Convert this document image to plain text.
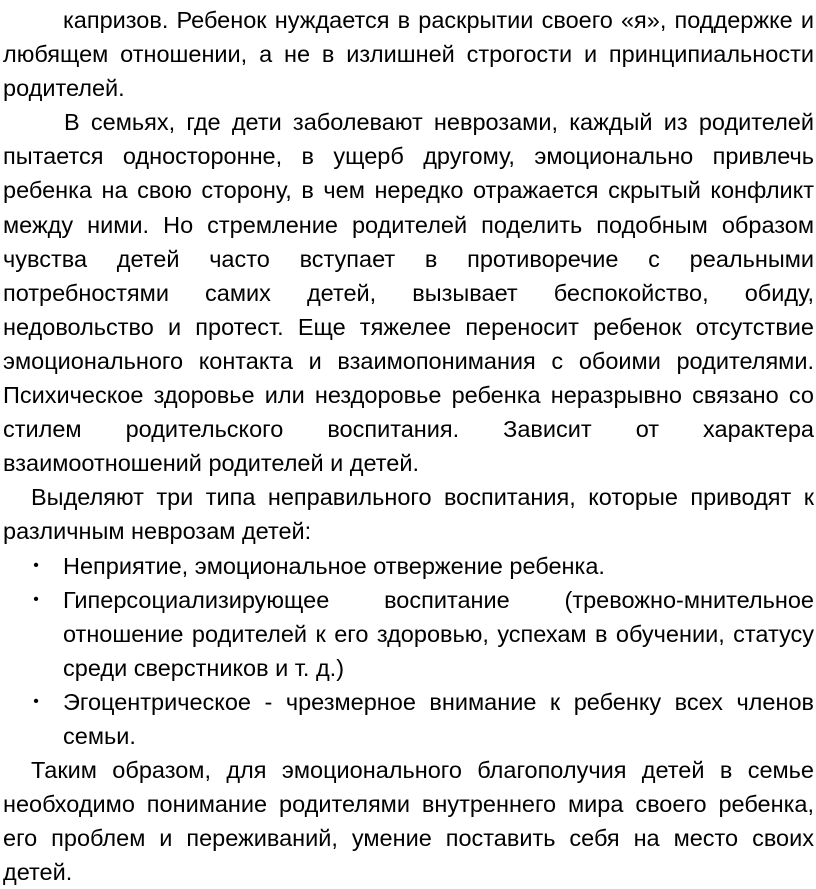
капризов. Ребенок нуждается в раскрытии своего «я», поддержке и любящем отношении, а не в излишней строгости и принципиальности родителей.

В семьях, где дети заболевают неврозами, каждый из родителей пытается односторонне, в ущерб другому, эмоционально привлечь ребенка на свою сторону, в чем нередко отражается скрытый конфликт между ними. Но стремление родителей поделить подобным образом чувства детей часто вступает в противоречие с реальными потребностями самих детей, вызывает беспокойство, обиду, недовольство и протест. Еще тяжелее переносит ребенок отсутствие эмоционального контакта и взаимопонимания с обоими родителями. Психическое здоровье или нездоровье ребенка неразрывно связано со стилем родительского воспитания. Зависит от характера взаимоотношений родителей и детей.

Выделяют три типа неправильного воспитания, которые приводят к различным неврозам детей:

• Неприятие, эмоциональное отвержение ребенка.
• Гиперсоциализирующее воспитание (тревожно-мнительное отношение родителей к его здоровью, успехам в обучении, статусу среди сверстников и т. д.)
• Эгоцентрическое - чрезмерное внимание к ребенку всех членов семьи.

Таким образом, для эмоционального благополучия детей в семье необходимо понимание родителями внутреннего мира своего ребенка, его проблем и переживаний, умение поставить себя на место своих детей.
